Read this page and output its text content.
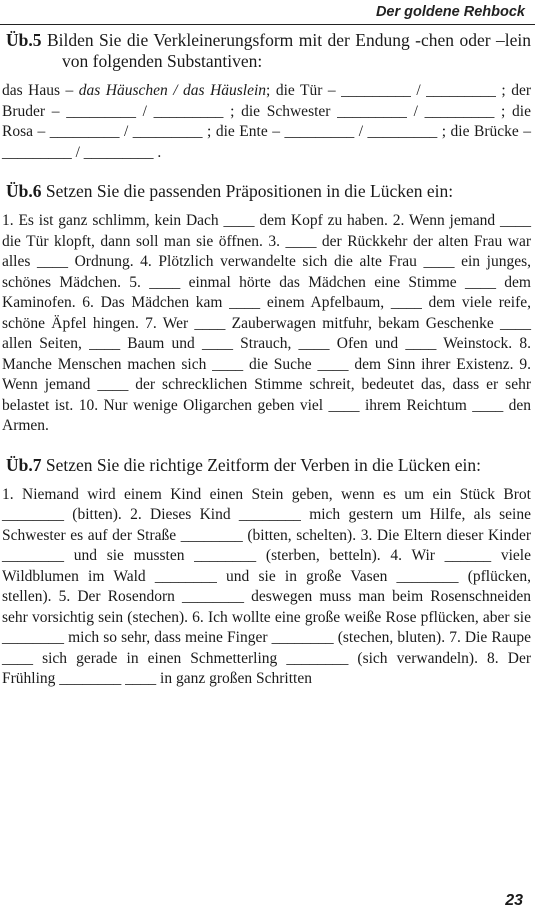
Der goldene Rehbock
Üb.5 Bilden Sie die Verkleinerungsform mit der Endung -chen oder –lein von folgenden Substantiven:
das Haus – das Häuschen / das Häuslein; die Tür – _________ / _________ ; der Bruder – _________ / _________ ; die Schwester _________ / _________ ; die Rosa – _________ / _________ ; die Ente – _________ / _________ ; die Brücke – _________ / _________ .
Üb.6 Setzen Sie die passenden Präpositionen in die Lücken ein:
1. Es ist ganz schlimm, kein Dach ____ dem Kopf zu haben. 2. Wenn jemand ____ die Tür klopft, dann soll man sie öffnen. 3. ____ der Rückkehr der alten Frau war alles ____ Ordnung. 4. Plötzlich verwandelte sich die alte Frau ____ ein junges, schönes Mädchen. 5. ____ einmal hörte das Mädchen eine Stimme ____ dem Kaminofen. 6. Das Mädchen kam ____ einem Apfelbaum, ____ dem viele reife, schöne Äpfel hingen. 7. Wer ____ Zauberwagen mitfuhr, bekam Geschenke ____ allen Seiten, ____ Baum und ____ Strauch, ____ Ofen und ____ Weinstock. 8. Manche Menschen machen sich ____ die Suche ____ dem Sinn ihrer Existenz. 9. Wenn jemand ____ der schrecklichen Stimme schreit, bedeutet das, dass er sehr belastet ist. 10. Nur wenige Oligarchen geben viel ____ ihrem Reichtum ____ den Armen.
Üb.7 Setzen Sie die richtige Zeitform der Verben in die Lücken ein:
1. Niemand wird einem Kind einen Stein geben, wenn es um ein Stück Brot ________ (bitten). 2. Dieses Kind ________ mich gestern um Hilfe, als seine Schwester es auf der Straße ________ (bitten, schelten). 3. Die Eltern dieser Kinder ________ und sie mussten ________ (sterben, betteln). 4. Wir ______ viele Wildblumen im Wald ________ und sie in große Vasen ________ (pflücken, stellen). 5. Der Rosendorn ________ deswegen muss man beim Rosenschneiden sehr vorsichtig sein (stechen). 6. Ich wollte eine große weiße Rose pflücken, aber sie ________ mich so sehr, dass meine Finger ________ (stechen, bluten). 7. Die Raupe ____ sich gerade in einen Schmetterling ________ (sich verwandeln). 8. Der Frühling ________ ____ in ganz großen Schritten
23
